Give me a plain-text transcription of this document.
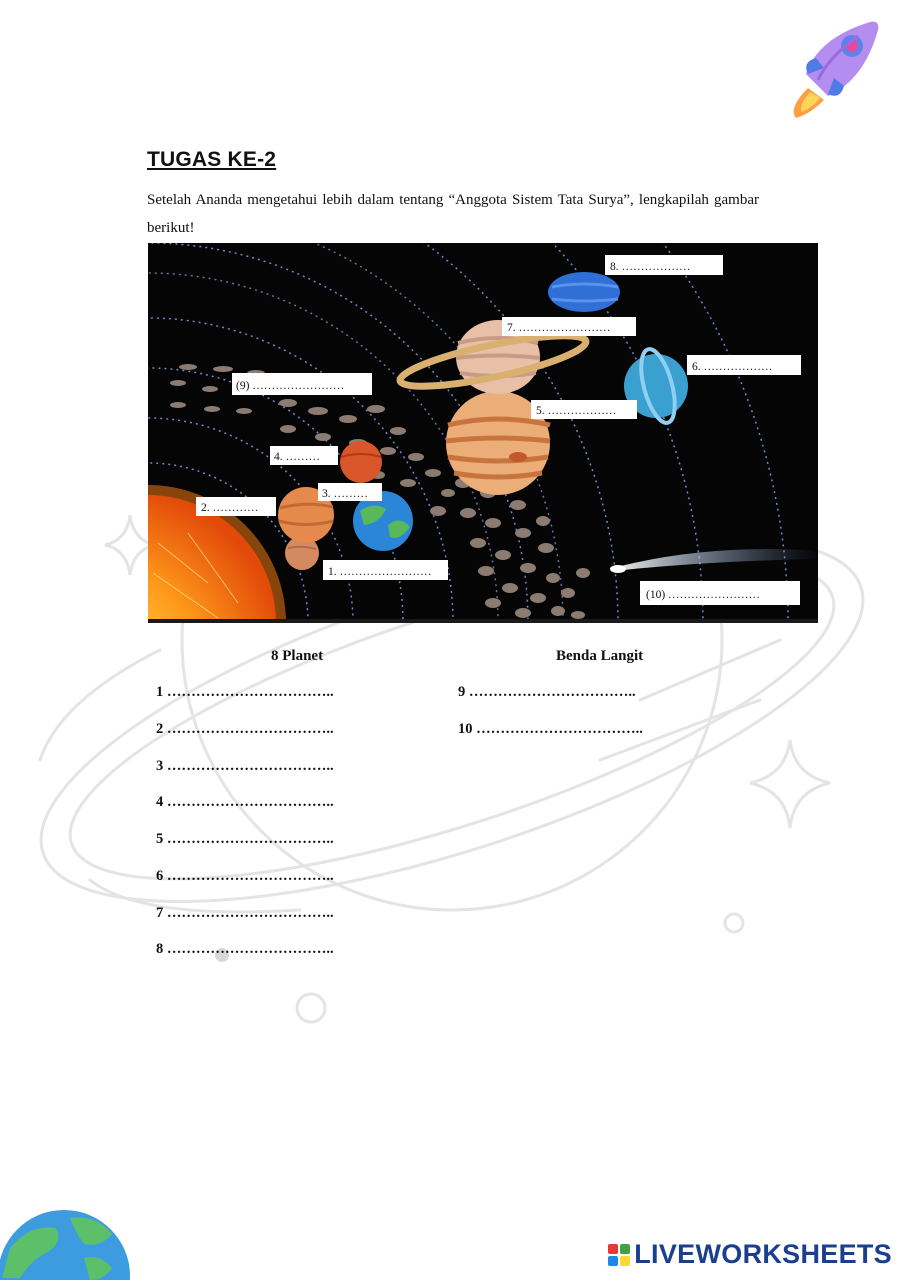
TUGAS KE-2
Setelah Ananda mengetahui lebih dalam tentang “Anggota Sistem Tata Surya”, lengkapilah gambar berikut!
1. ……………………
2. …………
3. ………
4. ………
5. ………………
6. ………………
7. ……………………
8. ………………
(9) ……………………
(10) ……………………
8 Planet	Benda Langit
1 ……………………………..
2 ……………………………..
3 ……………………………..
4 ……………………………..
5 ……………………………..
6 ……………………………..
7 ……………………………..
8 ……………………………..
9 ……………………………..
10 ……………………………..
LIVEWORKSHEETS
